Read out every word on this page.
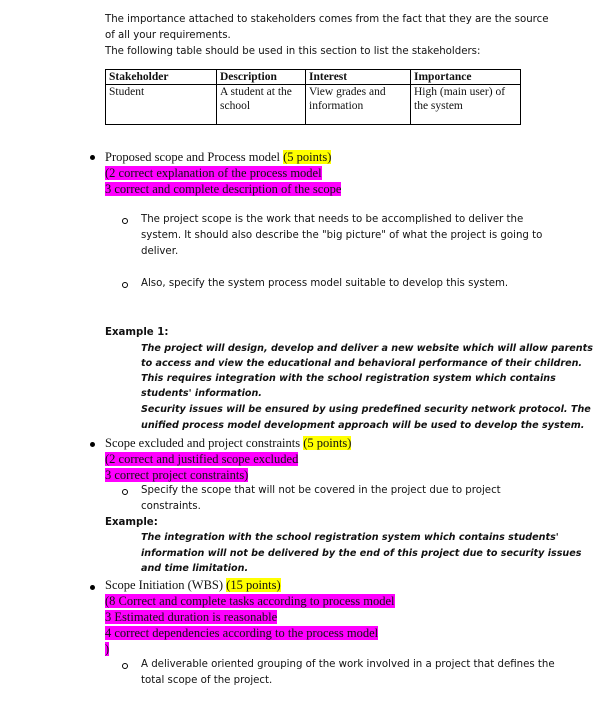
The importance attached to stakeholders comes from the fact that they are the source
of all your requirements.
The following table should be used in this section to list the stakeholders:
Stakeholder	Description	Interest	Importance
Student	A student at the school	View grades and information	High (main user) of the system
Proposed scope and Process model (5 points)
(2 correct explanation of the process model
3 correct and complete description of the scope
The project scope is the work that needs to be accomplished to deliver the
system. It should also describe the "big picture" of what the project is going to
deliver.
Also, specify the system process model suitable to develop this system.
Example 1:
The project will design, develop and deliver a new website which will allow parents
to access and view the educational and behavioral performance of their children.
This requires integration with the school registration system which contains
students' information.
Security issues will be ensured by using predefined security network protocol. The
unified process model development approach will be used to develop the system.
Scope excluded and project constraints (5 points)
(2 correct and justified scope excluded
3 correct project constraints)
Specify the scope that will not be covered in the project due to project
constraints.
Example:
The integration with the school registration system which contains students'
information will not be delivered by the end of this project due to security issues
and time limitation.
Scope Initiation (WBS) (15 points)
(8 Correct and complete tasks according to process model
3 Estimated duration is reasonable
4 correct dependencies according to the process model
)
A deliverable oriented grouping of the work involved in a project that defines the
total scope of the project.
